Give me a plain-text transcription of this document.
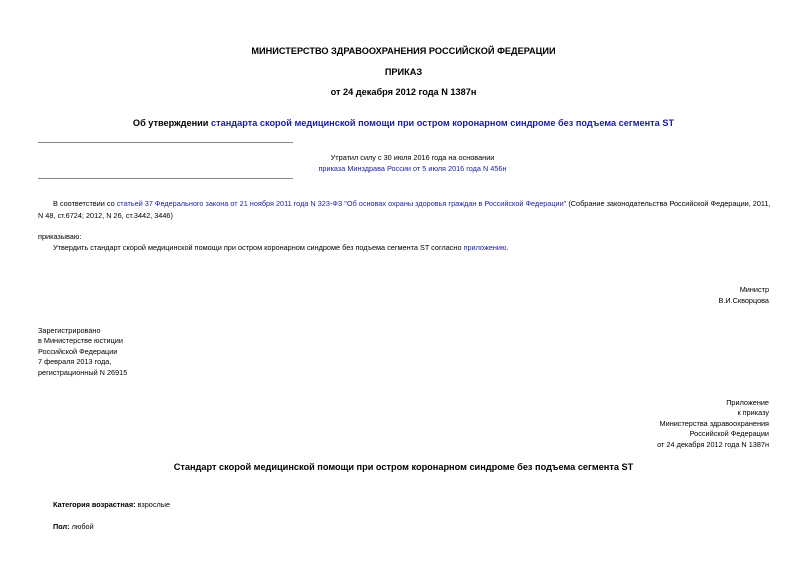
МИНИСТЕРСТВО ЗДРАВООХРАНЕНИЯ РОССИЙСКОЙ ФЕДЕРАЦИИ
ПРИКАЗ
от 24 декабря 2012 года N 1387н
Об утверждении стандарта скорой медицинской помощи при остром коронарном синдроме без подъема сегмента ST
Утратил силу с 30 июля 2016 года на основании
приказа Минздрава России от 5 июля 2016 года N 456н
В соответствии со статьей 37 Федерального закона от 21 ноября 2011 года N 323-ФЗ "Об основах охраны здоровья граждан в Российской Федерации" (Собрание законодательства Российской Федерации, 2011,
N 48, ст.6724; 2012, N 26, ст.3442, 3446)
приказываю:
Утвердить стандарт скорой медицинской помощи при остром коронарном синдроме без подъема сегмента ST согласно приложению.
Министр
В.И.Скворцова
Зарегистрировано
в Министерстве юстиции
Российской Федерации
7 февраля 2013 года,
регистрационный N 26915
Приложение
к приказу
Министерства здравоохранения
Российской Федерации
от 24 декабря 2012 года N 1387н
Стандарт скорой медицинской помощи при остром коронарном синдроме без подъема сегмента ST
Категория возрастная: взрослые
Пол: любой
